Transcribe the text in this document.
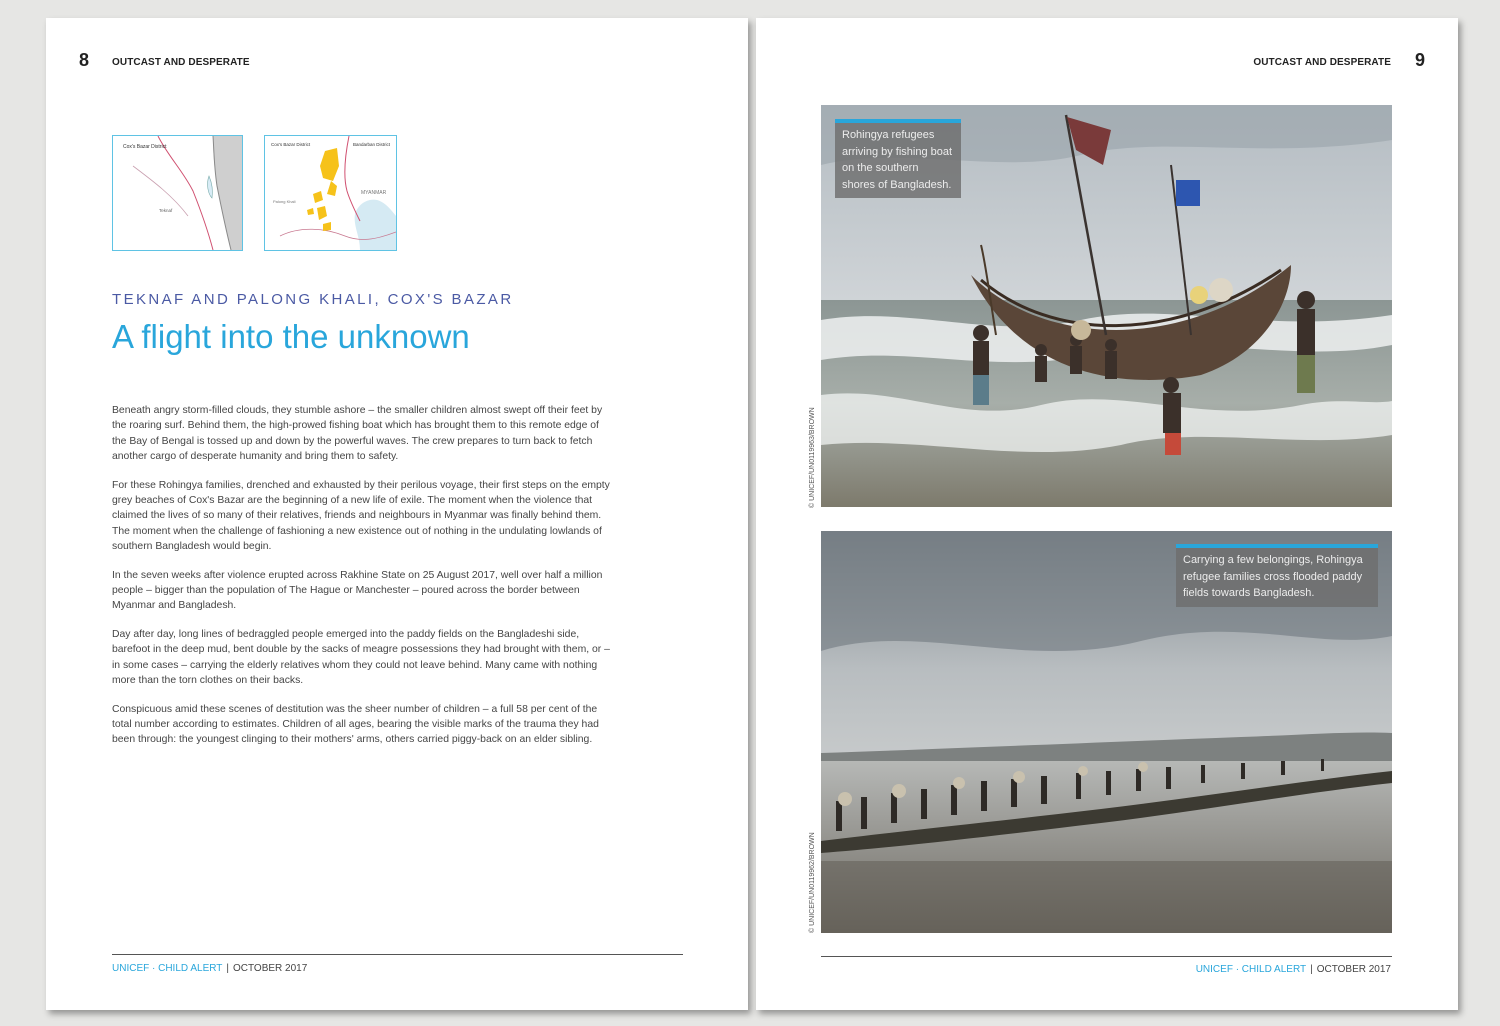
8 OUTCAST AND DESPERATE
Cox's Bazar District
Teknaf
Cox's Bazar District	Bandarban District
MYANMAR
Palong Khali
TEKNAF AND PALONG KHALI, COX'S BAZAR
A flight into the unknown

Beneath angry storm-filled clouds, they stumble ashore – the smaller children almost swept off their feet by the roaring surf. Behind them, the high-prowed fishing boat which has brought them to this remote edge of the Bay of Bengal is tossed up and down by the powerful waves. The crew prepares to turn back to fetch another cargo of desperate humanity and bring them to safety.

For these Rohingya families, drenched and exhausted by their perilous voyage, their first steps on the empty grey beaches of Cox's Bazar are the beginning of a new life of exile. The moment when the violence that claimed the lives of so many of their relatives, friends and neighbours in Myanmar was finally behind them. The moment when the challenge of fashioning a new existence out of nothing in the undulating lowlands of southern Bangladesh would begin.

In the seven weeks after violence erupted across Rakhine State on 25 August 2017, well over half a million people – bigger than the population of The Hague or Manchester – poured across the border between Myanmar and Bangladesh.

Day after day, long lines of bedraggled people emerged into the paddy fields on the Bangladeshi side, barefoot in the deep mud, bent double by the sacks of meagre possessions they had brought with them, or – in some cases – carrying the elderly relatives whom they could not leave behind. Many came with nothing more than the torn clothes on their backs.

Conspicuous amid these scenes of destitution was the sheer number of children – a full 58 per cent of the total number according to estimates. Children of all ages, bearing the visible marks of the trauma they had been through: the youngest clinging to their mothers' arms, others carried piggy-back on an elder sibling.

UNICEF · CHILD ALERT | OCTOBER 2017
OUTCAST AND DESPERATE 9
Rohingya refugees arriving by fishing boat on the southern shores of Bangladesh.
© UNICEF/UN0119963/BROWN
Carrying a few belongings, Rohingya refugee families cross flooded paddy fields towards Bangladesh.
© UNICEF/UN0119962/BROWN
UNICEF · CHILD ALERT | OCTOBER 2017
